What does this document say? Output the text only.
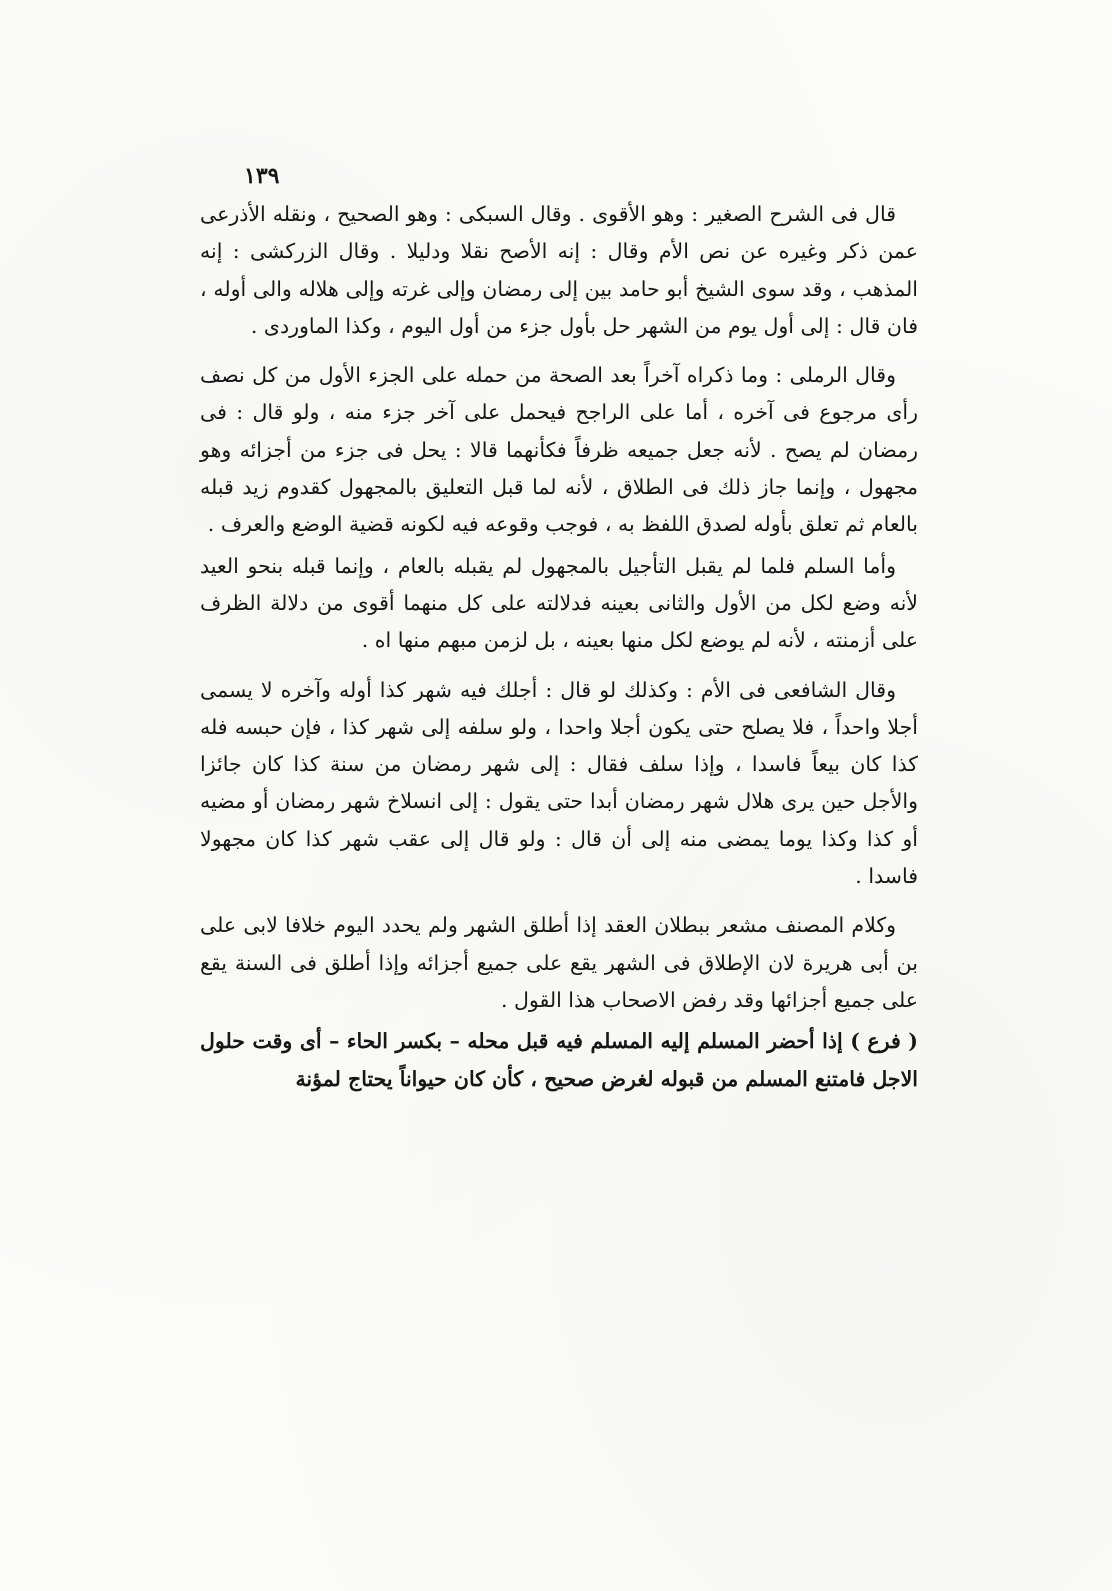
١٣٩

قال فى الشرح الصغير : وهو الأقوى . وقال السبكى : وهو الصحيح ، ونقله الأذرعى عمن ذكر وغيره عن نص الأم وقال : إنه الأصح نقلا ودليلا . وقال الزركشى : إنه المذهب ، وقد سوى الشيخ أبو حامد بين إلى رمضان وإلى غرته وإلى هلاله والى أوله ، فان قال : إلى أول يوم من الشهر حل بأول جزء من أول اليوم ، وكذا الماوردى .

وقال الرملى : وما ذكراه آخراً بعد الصحة من حمله على الجزء الأول من كل نصف رأى مرجوع فى آخره ، أما على الراجح فيحمل على آخر جزء منه ، ولو قال : فى رمضان لم يصح . لأنه جعل جميعه ظرفاً فكأنهما قالا : يحل فى جزء من أجزائه وهو مجهول ، وإنما جاز ذلك فى الطلاق ، لأنه لما قبل التعليق بالمجهول كقدوم زيد قبله بالعام ثم تعلق بأوله لصدق اللفظ به ، فوجب وقوعه فيه لكونه قضية الوضع والعرف .

وأما السلم فلما لم يقبل التأجيل بالمجهول لم يقبله بالعام ، وإنما قبله بنحو العيد لأنه وضع لكل من الأول والثانى بعينه فدلالته على كل منهما أقوى من دلالة الظرف على أزمنته ، لأنه لم يوضع لكل منها بعينه ، بل لزمن مبهم منها اه .

وقال الشافعى فى الأم : وكذلك لو قال : أجلك فيه شهر كذا أوله وآخره لا يسمى أجلا واحداً ، فلا يصلح حتى يكون أجلا واحدا ، ولو سلفه إلى شهر كذا ، فإن حبسه فله كذا كان بيعاً فاسدا ، وإذا سلف فقال : إلى شهر رمضان من سنة كذا كان جائزا والأجل حين يرى هلال شهر رمضان أبدا حتى يقول : إلى انسلاخ شهر رمضان أو مضيه أو كذا وكذا يوما يمضى منه إلى أن قال : ولو قال إلى عقب شهر كذا كان مجهولا فاسدا .

وكلام المصنف مشعر ببطلان العقد إذا أطلق الشهر ولم يحدد اليوم خلافا لابى على بن أبى هريرة لان الإطلاق فى الشهر يقع على جميع أجزائه وإذا أطلق فى السنة يقع على جميع أجزائها وقد رفض الاصحاب هذا القول .

( فرع ) إذا أحضر المسلم إليه المسلم فيه قبل محله – بكسر الحاء – أى وقت حلول الاجل فامتنع المسلم من قبوله لغرض صحيح ، كأن كان حيواناً يحتاج لمؤنة
